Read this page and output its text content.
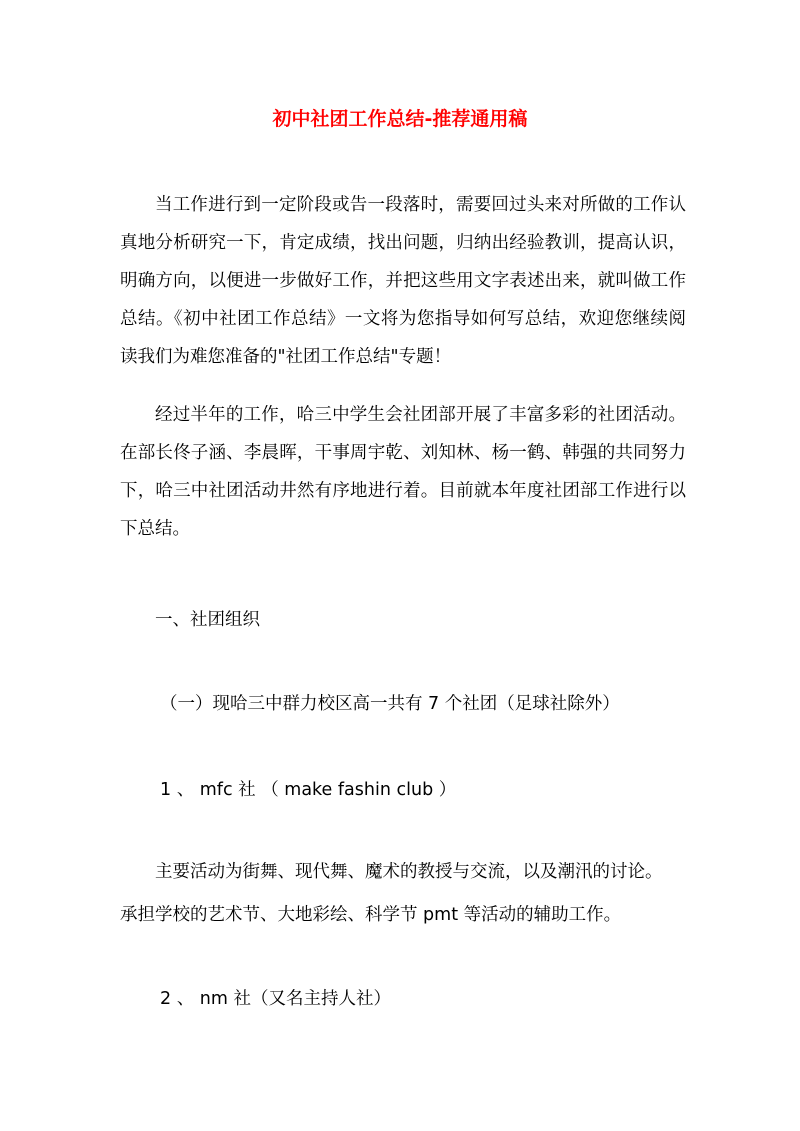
初中社团工作总结-推荐通用稿

当工作进行到一定阶段或告一段落时，需要回过头来对所做的工作认真地分析研究一下，肯定成绩，找出问题，归纳出经验教训，提高认识，明确方向，以便进一步做好工作，并把这些用文字表述出来，就叫做工作总结。《初中社团工作总结》一文将为您指导如何写总结，欢迎您继续阅读我们为难您准备的"社团工作总结"专题！

经过半年的工作，哈三中学生会社团部开展了丰富多彩的社团活动。在部长佟子涵、李晨晖，干事周宇乾、刘知林、杨一鹤、韩强的共同努力下，哈三中社团活动井然有序地进行着。目前就本年度社团部工作进行以下总结。

一、社团组织
（一）现哈三中群力校区高一共有 7 个社团（足球社除外）
1 、 mfc 社 （ make fashin club ）
主要活动为街舞、现代舞、魔术的教授与交流，以及潮汛的讨论。
承担学校的艺术节、大地彩绘、科学节 pmt 等活动的辅助工作。
2 、 nm 社（又名主持人社）
